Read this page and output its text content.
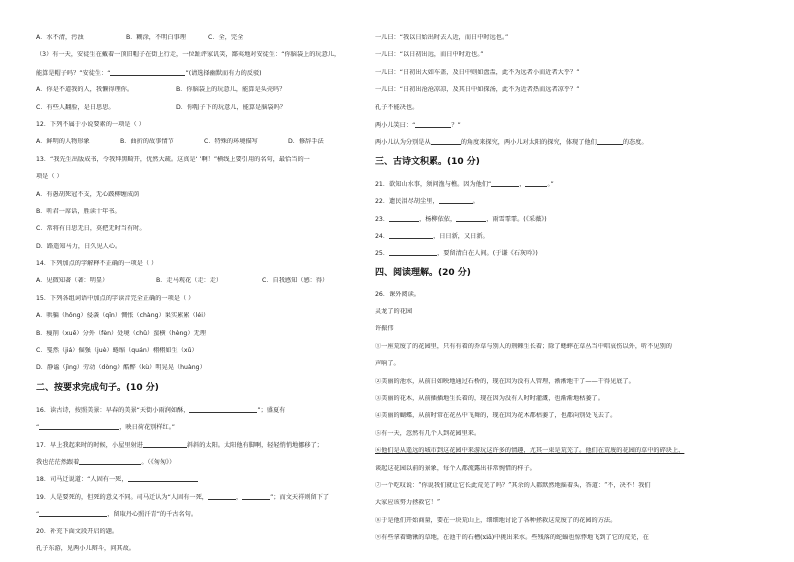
A．水不清，污浊	B．糊涂，不明白事理	C．全，完全
（3）有一天，安徒生在戴着一顶旧帽子在街上行走，一位趾评家讥笑，鄙夷地对安徒生：“你脑袋上的玩意儿，
能算是帽子吗？”安徒生：“	”(请选择幽默而有力的反驳)
A．你是不道我的人，我懒得理你。	B．你脑袋上的玩意儿，能算是头壳吗？
C．有些人翻脸，是日思思。	D．你帽子下的玩意儿，能算是脑袋吗？
12．下列不属于小说要素的一项是（ ）
A．鲜明的人物形象	B．曲折的故事情节	C．特殊的环境描写	D．修辞手法
13．“我先生出版成书，令我拜黑畸开，优然大疏。这真是‘ ’啊！”横线上要引用的名句，最恰当的一
项是（ ）
A．有愚胡死冠不支，无心跛柳缠成荫
B．听君一席话，胜读十年书。
C．常将有日思无日，莫把无时当有时。
D．路遥知马力，日久见人心。
14．下列加点的字解释不正确的一项是（ ）
A．见微知著（著：明显）	B．走马观花（走：走）	C．自我感知（感：得）
15．下列各组词语中加点的字读音完全正确的一项是（ ）
A．哄骗（hǒng）侵袭（qīn）惆怅（chàng）果实累累（léi）
B．瘦削（xuē）分外（fèn）处境（chǔ）蛮横（hèng）无理
C．戛然（jiá）倔强（juè）蜷缩（quán）栩栩如生（xǔ）
D．静谧（jìng）劳动（dòng）酷醉（kù）明晃晃（huàng）
二、按要求完成句子。(10 分)
16．读古诗，按照美景：早春的美景“天街小雨润如酥，	”；盛夏有
“	，映日荷花别样红。”
17．早上我起来时的时候，小屋里射进	斜斜的太阳。太阳他有脚啊，轻轻悄悄地挪移了；
我也茫茫然跟着	。（《匆匆》）
18．司马迁说道：“人固有一死，
19．人是要死的，但死的意义不同。司马迁认为“人固有一死，	，	”；而文天祥则留下了
“	，留取丹心照汗青”的千古名句。
20．补充下面文段开启的题。
孔子东游，见两小儿辩斗，问其故。
一儿曰：“我以日始出时去人近，而日中时远也。”
一儿曰：“以日初出远，而日中时近也。”
一儿曰：“日初出大如车盖，及日中则如盘盂，此不为远者小而近者大乎？”
一儿曰：“日初出沧沧凉凉，及其日中如探汤，此不为近者热而远者凉乎？”
孔子不能决也。
两小儿笑曰：“	？”
两小儿认为分别是从	的角度来探究，两小儿对太阳的探究，体现了他们	的态度。
三、古诗文积累。(10 分)
21．欲知山水事，须问渔与樵。因为他们“	，	。”
22．遗民泪尽胡尘里，	。
23．	，杨柳依依，	，雨雪霏霏。(《采薇》)
24．	，日日新，又日新。
25．	，要留清白在人间。(于谦《石灰吟》)
四、阅读理解。(20 分)
26．课外阅读。
灵龙了的花园
许振伟
①一座荒废了的花园里，只有有着的乔草与别人的荆棘生长着；除了蟋蟀在草丛当中唱哀伤以外，听不见别的
声响了。
②美丽的池水，从前日如映地通过石桥的，现在因为没有人管理，淅淅地干了——干得见底了。
③美丽的花木，从前插插地生长着的，现在因为没有人时时灌溉，也渐渐地枯萎了。
④美丽的蝴蝶，从前时常在花丛中飞舞的，现在因为花木都枯萎了，也都向别处飞去了。
⑤有一天，忽然有几个人到花园里来。
⑥他们是从遥远的城市到这花园中来游玩这许多的情趣，尤其一束是荒芜了。他们在荒废的花园的草中的碎块上，
谈起这花园以前的景象，每个人都流露出非常惋惜的样子。
⑦一个吃叹说：“你说我们就让它长此荒芜了吗？”其余的人都默然地摇着头，答道：“不，决不！我们
大家应该努力拯救它！”
⑧于是他们开始商量，要在一块荒山上，细细地讨论了各种拯救这荒废了的花园的方法。
⑨有些拿着锄锹的草地，在池干的石槽(xiā)中挑出来水。些残落的蛇蝠也惊悸地飞到了它的荒芜，在
